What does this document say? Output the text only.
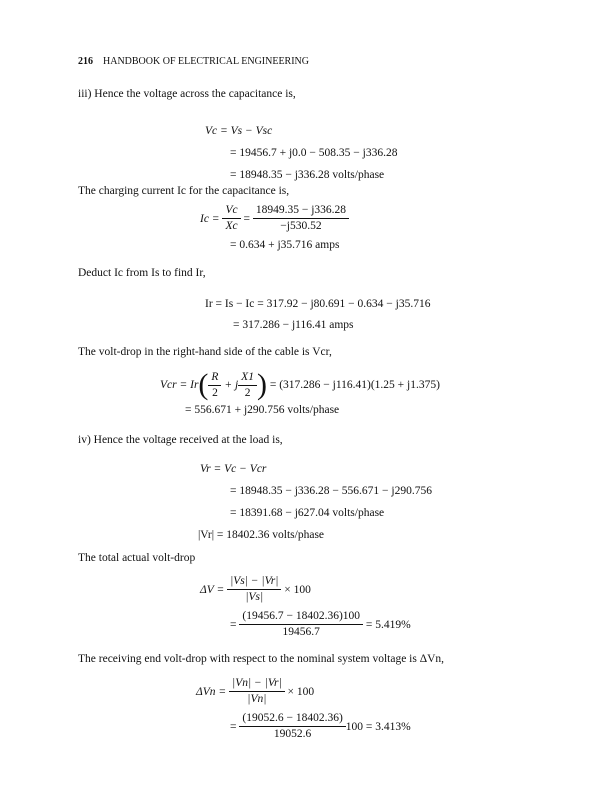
216 HANDBOOK OF ELECTRICAL ENGINEERING
iii) Hence the voltage across the capacitance is,
Vc = Vs − Vsc
= 19456.7 + j0.0 − 508.35 − j336.28
= 18948.35 − j336.28 volts/phase
The charging current Ic for the capacitance is,
Ic =
$\frac{Vc}{Xc}$
=
$\frac{18949.35 - j336.28}{-j530.52}$
= 0.634 + j35.716 amps
Deduct Ic from Is to find Ir,
Ir = Is − Ic = 317.92 − j80.691 − 0.634 − j35.716
= 317.286 − j116.41 amps
The volt-drop in the right-hand side of the cable is Vcr,
Vcr = Ir ( $\frac{R}{2}$
+ j $\frac{X1}{2}$ )
= (317.286 − j116.41)(1.25 + j1.375)
= 556.671 + j290.756 volts/phase
iv) Hence the voltage received at the load is,
Vr = Vc − Vcr
= 18948.35 − j336.28 − 556.671 − j290.756
= 18391.68 − j627.04 volts/phase
|Vr| = 18402.36 volts/phase
The total actual volt-drop
ΔV =
$\frac{|Vs| - |Vr|}{|Vs|}$
× 100
=
$\frac{(19456.7 - 18402.36)100}{19456.7}$
= 5.419%
The receiving end volt-drop with respect to the nominal system voltage is ΔVn,
ΔVn =
$\frac{|Vn| - |Vr|}{|Vn|}$
× 100
=
$\frac{(19052.6 - 18402.36)}{19052.6} 100 = 3.413\%$
